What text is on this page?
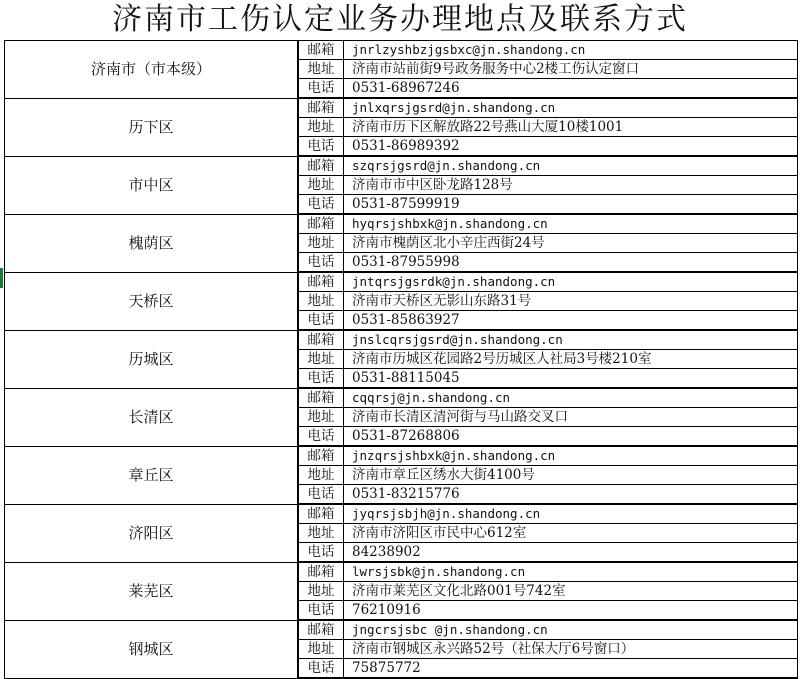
济南市工伤认定业务办理地点及联系方式
济南市（市本级）	邮箱	jnrlzyshbzjgsbxc@jn.shandong.cn
	地址	济南市站前街9号政务服务中心2楼工伤认定窗口
	电话	0531-68967246
历下区	邮箱	jnlxqrsjgsrd@jn.shandong.cn
	地址	济南市历下区解放路22号燕山大厦10楼1001
	电话	0531-86989392
市中区	邮箱	szqrsjgsrd@jn.shandong.cn
	地址	济南市市中区卧龙路128号
	电话	0531-87599919
槐荫区	邮箱	hyqrsjshbxk@jn.shandong.cn
	地址	济南市槐荫区北小辛庄西街24号
	电话	0531-87955998
天桥区	邮箱	jntqrsjgsrdk@jn.shandong.cn
	地址	济南市天桥区无影山东路31号
	电话	0531-85863927
历城区	邮箱	jnslcqrsjgsrd@jn.shandong.cn
	地址	济南市历城区花园路2号历城区人社局3号楼210室
	电话	0531-88115045
长清区	邮箱	cqqrsj@jn.shandong.cn
	地址	济南市长清区清河街与马山路交叉口
	电话	0531-87268806
章丘区	邮箱	jnzqrsjshbxk@jn.shandong.cn
	地址	济南市章丘区绣水大街4100号
	电话	0531-83215776
济阳区	邮箱	jyqrsjsbjh@jn.shandong.cn
	地址	济南市济阳区市民中心612室
	电话	84238902
莱芜区	邮箱	lwrsjsbk@jn.shandong.cn
	地址	济南市莱芜区文化北路001号742室
	电话	76210916
钢城区	邮箱	jngcrsjsbc @jn.shandong.cn
	地址	济南市钢城区永兴路52号（社保大厅6号窗口）
	电话	75875772
